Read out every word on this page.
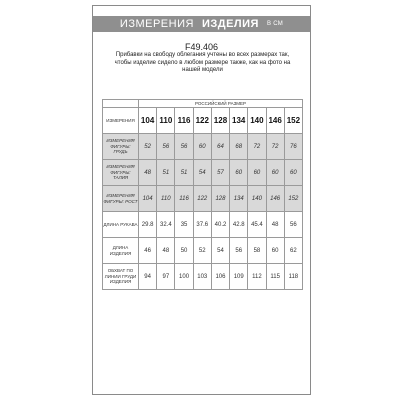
ИЗМЕРЕНИЯ ИЗДЕЛИЯ В СМ
F49.406
Прибавки на свободу облегания учтены во всех размерах так, чтобы изделие сидело в любом размере также, как на фото на нашей модели
	РОССИЙСКИЙ РАЗМЕР								
ИЗМЕРЕНИЯ	104	110	116	122	128	134	140	146	152
ИЗМЕРЕНИЯ ФИГУРЫ: ГРУДЬ	52	56	56	60	64	68	72	72	76
ИЗМЕРЕНИЯ ФИГУРЫ: ТАЛИЯ	48	51	51	54	57	60	60	60	60
ИЗМЕРЕНИЯ ФИГУРЫ: РОСТ	104	110	116	122	128	134	140	146	152
ДЛИНА РУКАВА	29.8	32.4	35	37.6	40.2	42.8	45.4	48	56
ДЛИНА ИЗДЕЛИЯ	46	48	50	52	54	56	58	60	62
ОБХВАТ ПО ЛИНИИ ГРУДИ ИЗДЕЛИЯ	94	97	100	103	106	109	112	115	118
